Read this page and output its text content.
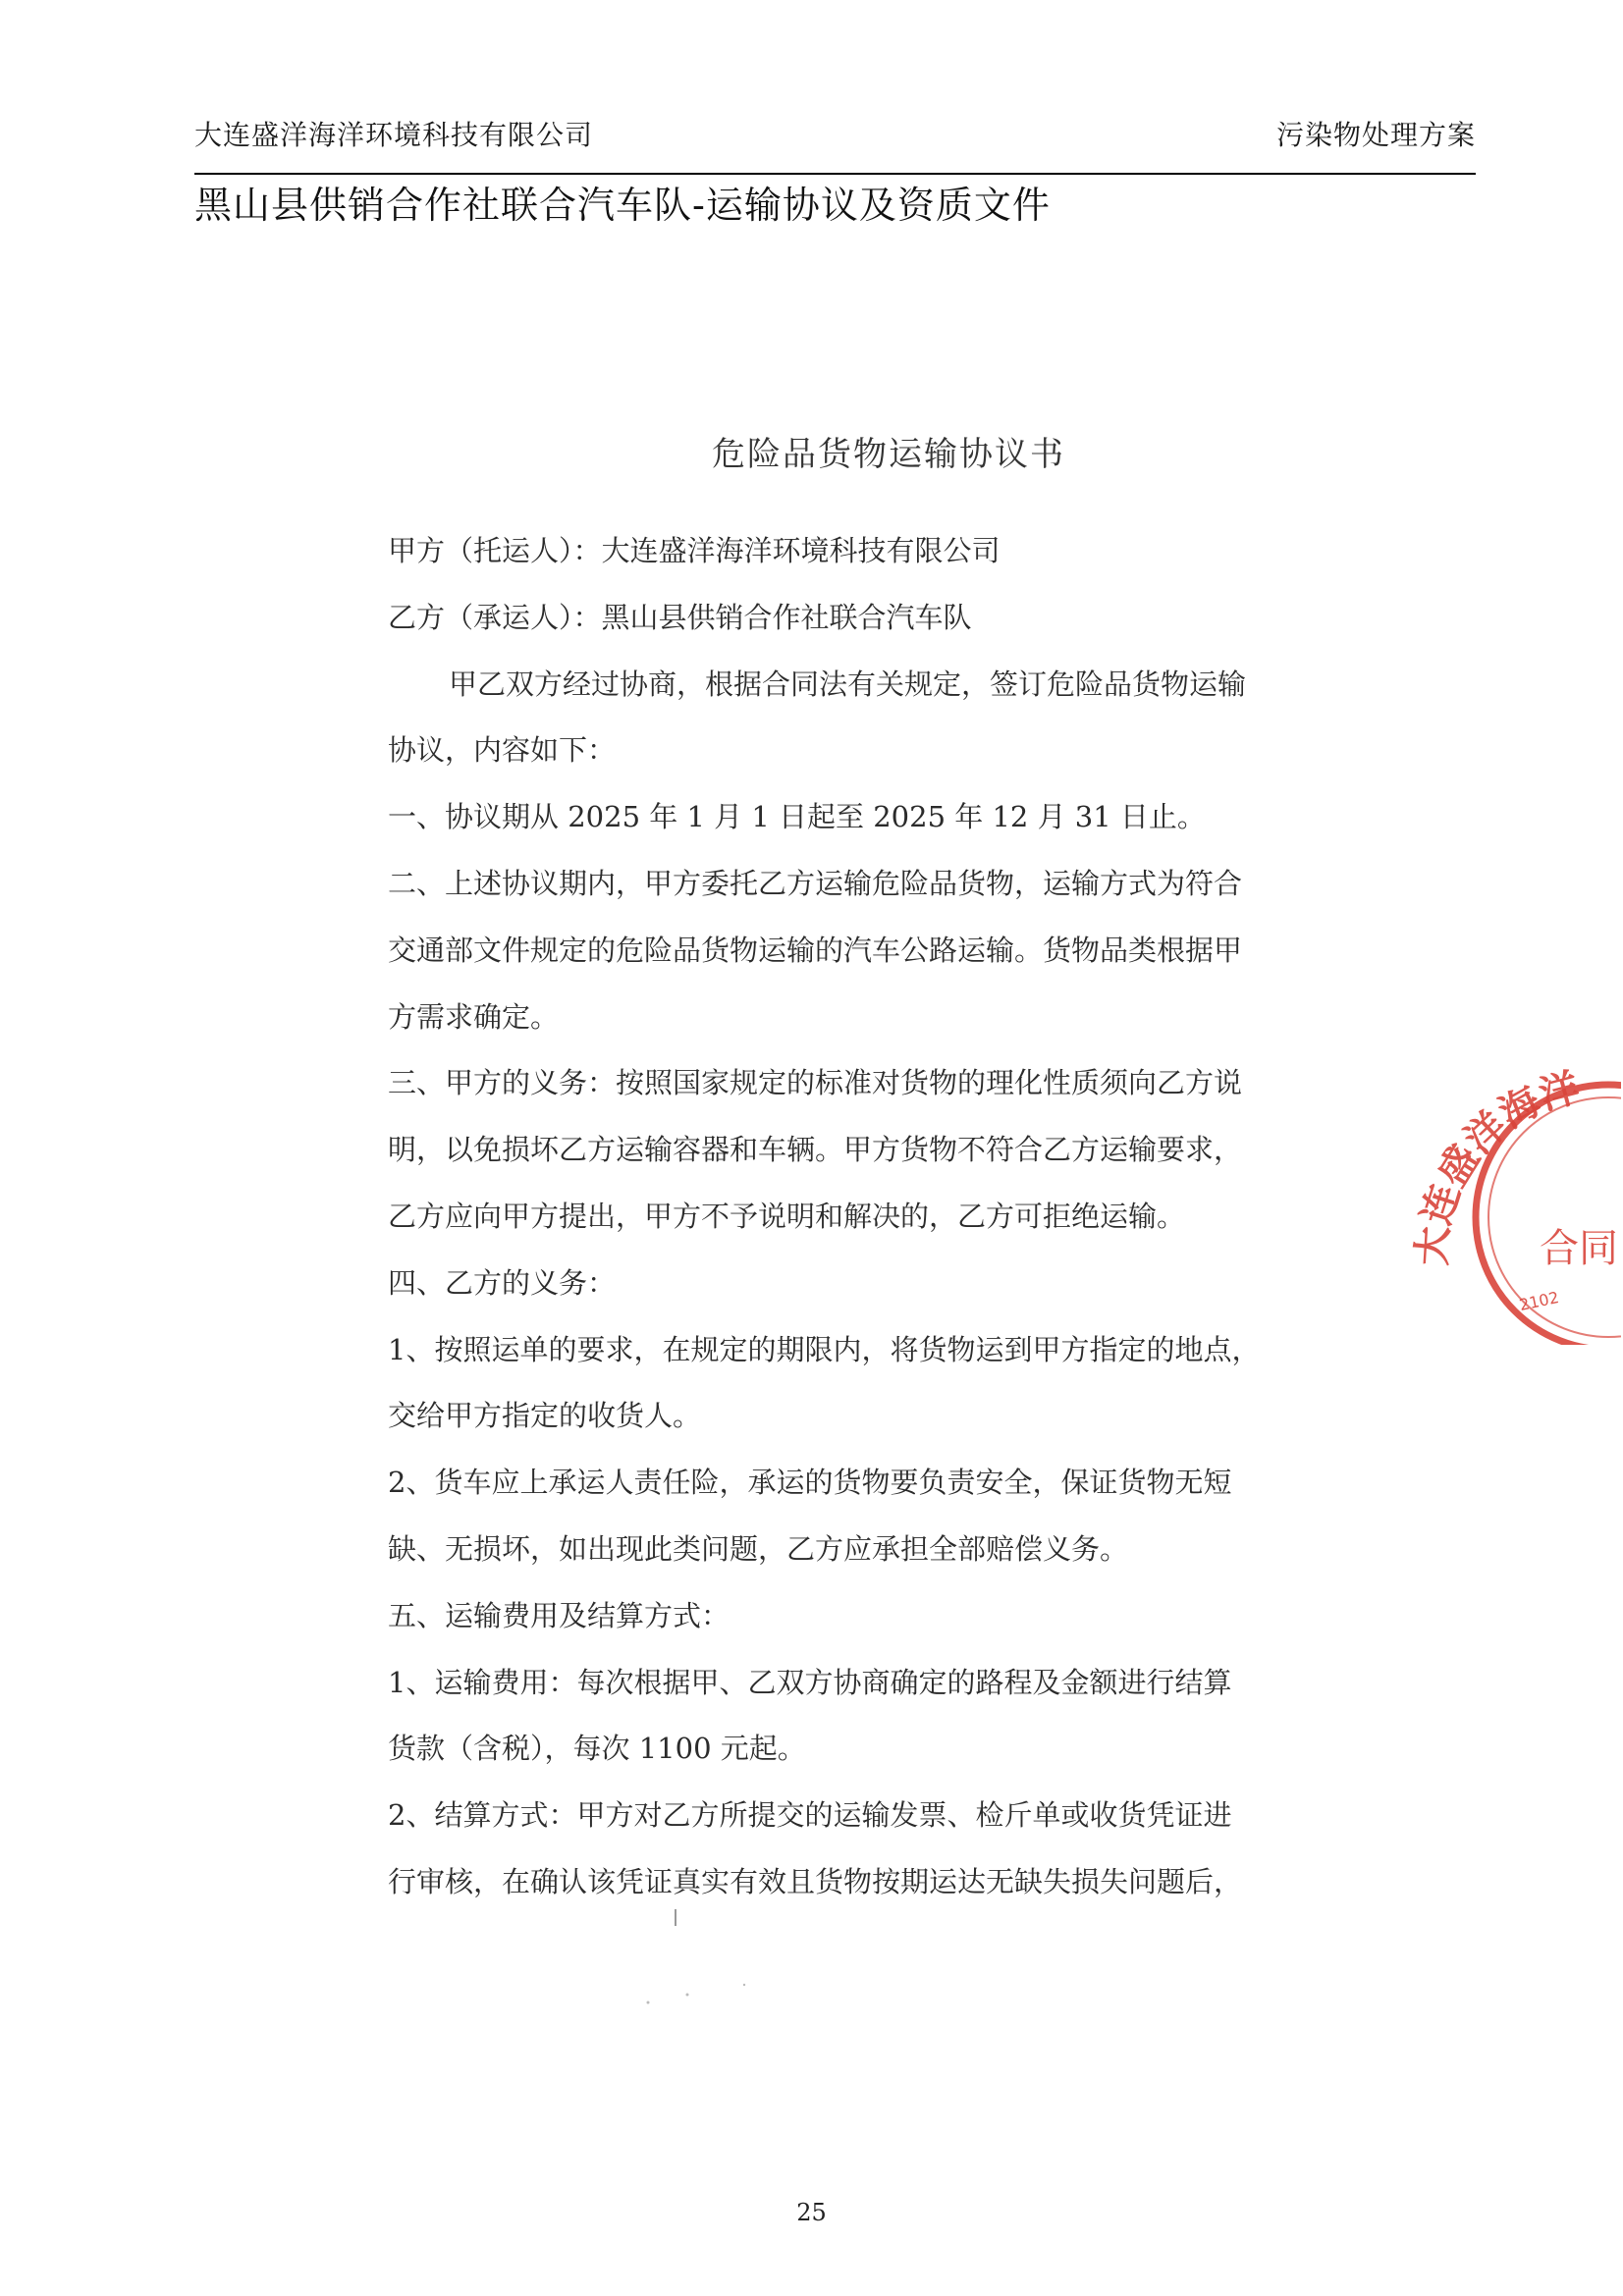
大连盛洋海洋环境科技有限公司	污染物处理方案
黑山县供销合作社联合汽车队-运输协议及资质文件
危险品货物运输协议书
甲方（托运人）：大连盛洋海洋环境科技有限公司
乙方（承运人）：黑山县供销合作社联合汽车队
甲乙双方经过协商，根据合同法有关规定，签订危险品货物运输
协议，内容如下：
一、协议期从 2025 年 1 月 1 日起至 2025 年 12 月 31 日止。
二、上述协议期内，甲方委托乙方运输危险品货物，运输方式为符合
交通部文件规定的危险品货物运输的汽车公路运输。货物品类根据甲
方需求确定。
三、甲方的义务：按照国家规定的标准对货物的理化性质须向乙方说
明，以免损坏乙方运输容器和车辆。甲方货物不符合乙方运输要求，
乙方应向甲方提出，甲方不予说明和解决的，乙方可拒绝运输。
四、乙方的义务：
1、按照运单的要求，在规定的期限内，将货物运到甲方指定的地点，
交给甲方指定的收货人。
2、货车应上承运人责任险，承运的货物要负责安全，保证货物无短
缺、无损坏，如出现此类问题，乙方应承担全部赔偿义务。
五、运输费用及结算方式：
1、运输费用：每次根据甲、乙双方协商确定的路程及金额进行结算
货款（含税），每次 1100 元起。
2、结算方式：甲方对乙方所提交的运输发票、检斤单或收货凭证进
行审核，在确认该凭证真实有效且货物按期运达无缺失损失问题后，
大连盛洋海洋
合同
2102
25
